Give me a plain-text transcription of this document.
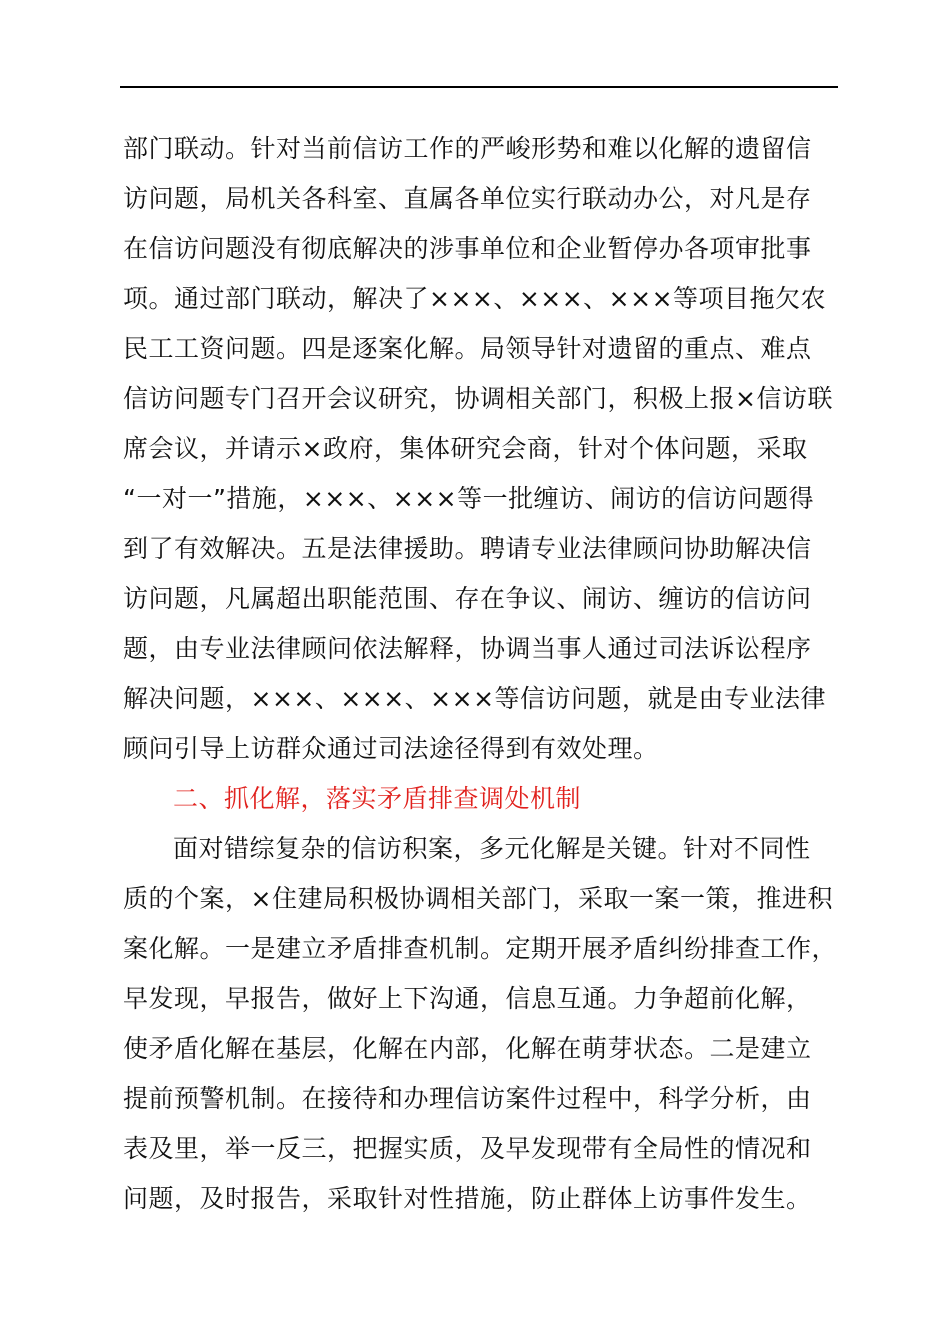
部门联动。针对当前信访工作的严峻形势和难以化解的遗留信
访问题，局机关各科室、直属各单位实行联动办公，对凡是存
在信访问题没有彻底解决的涉事单位和企业暂停办各项审批事
项。通过部门联动，解决了×××、×××、×××等项目拖欠农
民工工资问题。四是逐案化解。局领导针对遗留的重点、难点
信访问题专门召开会议研究，协调相关部门，积极上报×信访联
席会议，并请示×政府，集体研究会商，针对个体问题，采取
“一对一”措施，×××、×××等一批缠访、闹访的信访问题得
到了有效解决。五是法律援助。聘请专业法律顾问协助解决信
访问题，凡属超出职能范围、存在争议、闹访、缠访的信访问
题，由专业法律顾问依法解释，协调当事人通过司法诉讼程序
解决问题，×××、×××、×××等信访问题，就是由专业法律
顾问引导上访群众通过司法途径得到有效处理。
二、抓化解，落实矛盾排查调处机制
面对错综复杂的信访积案，多元化解是关键。针对不同性
质的个案，×住建局积极协调相关部门，采取一案一策，推进积
案化解。一是建立矛盾排查机制。定期开展矛盾纠纷排查工作，
早发现，早报告，做好上下沟通，信息互通。力争超前化解，
使矛盾化解在基层，化解在内部，化解在萌芽状态。二是建立
提前预警机制。在接待和办理信访案件过程中，科学分析，由
表及里，举一反三，把握实质，及早发现带有全局性的情况和
问题，及时报告，采取针对性措施，防止群体上访事件发生。
